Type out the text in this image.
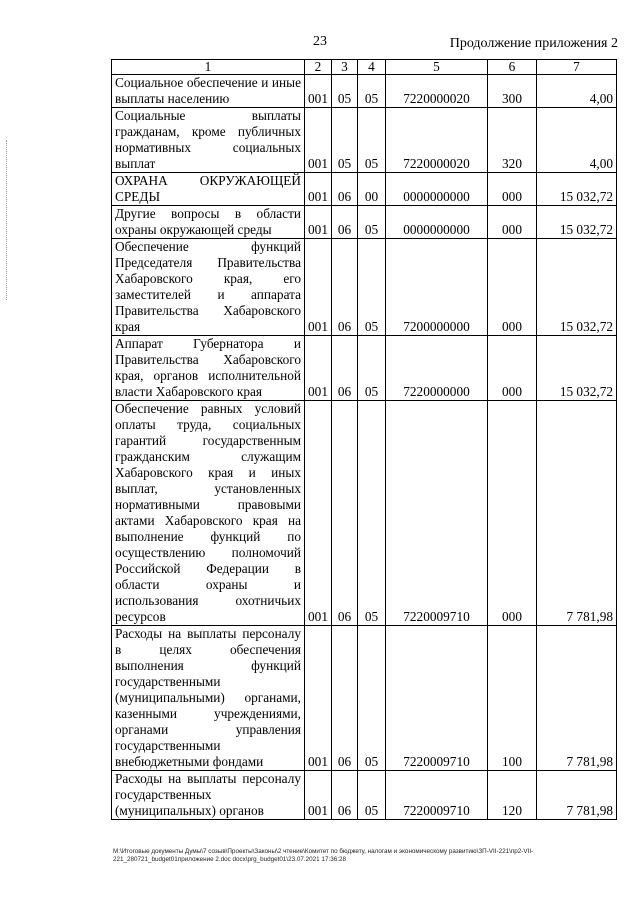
23	Продолжение приложения 2
1	2	3	4	5	6	7
Социальное обеспечение и иные выплаты населению	001	05	05	7220000020	300	4,00
Социальные выплаты гражданам, кроме публичных нормативных социальных выплат	001	05	05	7220000020	320	4,00
ОХРАНА ОКРУЖАЮЩЕЙ СРЕДЫ	001	06	00	0000000000	000	15 032,72
Другие вопросы в области охраны окружающей среды	001	06	05	0000000000	000	15 032,72
Обеспечение функций Председателя Правительства Хабаровского края, его заместителей и аппарата Правительства Хабаровского края	001	06	05	7200000000	000	15 032,72
Аппарат Губернатора и Правительства Хабаровского края, органов исполнительной власти Хабаровского края	001	06	05	7220000000	000	15 032,72
Обеспечение равных условий оплаты труда, социальных гарантий государственным гражданским служащим Хабаровского края и иных выплат, установленных нормативными правовыми актами Хабаровского края на выполнение функций по осуществлению полномочий Российской Федерации в области охраны и использования охотничьих ресурсов	001	06	05	7220009710	000	7 781,98
Расходы на выплаты персоналу в целях обеспечения выполнения функций государственными (муниципальными) органами, казенными учреждениями, органами управления государственными внебюджетными фондами	001	06	05	7220009710	100	7 781,98
Расходы на выплаты персоналу государственных (муниципальных) органов	001	06	05	7220009710	120	7 781,98
M:\Итоговые документы Думы\7 созыв\Проекты\Законы\2 чтение\Комитет по бюджету, налогам и экономическому развитию\ЗП-VII-221\пр2-VII-221_280721_budget01приложение 2.doc docx\prg_budget01\23.07.2021 17:36:28
